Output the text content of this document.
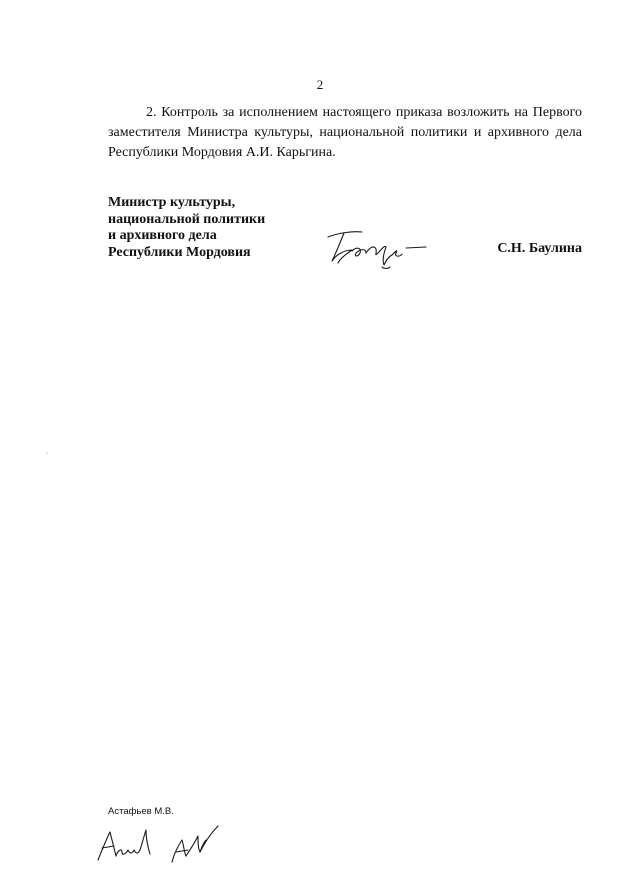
2

2. Контроль за исполнением настоящего приказа возложить на Первого заместителя Министра культуры, национальной политики и архивного дела Республики Мордовия А.И. Карьгина.

Министр культуры,
национальной политики
и архивного дела
Республики Мордовия	С.Н. Баулина
Астафьев М.В.
